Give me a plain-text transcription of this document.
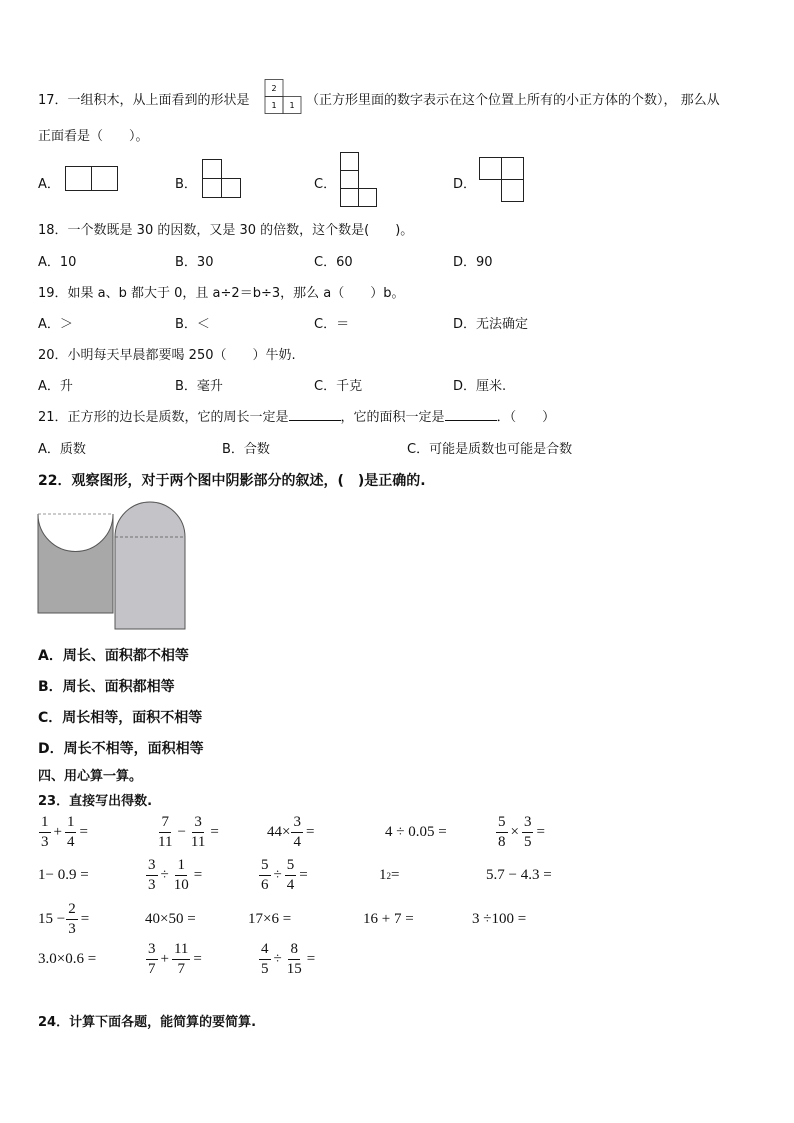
17．一组积木，从上面看到的形状是
2
1 1 （正方形里面的数字表示在这个位置上所有的小正方体的个数）， 那么从
正面看是（　　）。
A．	B．	C．	D．
18．一个数既是 30 的因数，又是 30 的倍数，这个数是(　　)。
A．10	B．30	C．60	D．90
19．如果 a、b 都大于 0，且 a÷2＝b÷3，那么 a（　　）b。
A．＞	B．＜	C．＝	D．无法确定
20．小明每天早晨都要喝 250（　　）牛奶.
A．升	B．毫升	C．千克	D．厘米.
21．正方形的边长是质数，它的周长一定是	，它的面积一定是	．（　　）
A．质数	B．合数	C．可能是质数也可能是合数
22．观察图形，对于两个图中阴影部分的叙述，(　)是正确的.
A．周长、面积都不相等
B．周长、面积都相等
C．周长相等，面积不相等
D．周长不相等，面积相等
四、用心算一算。
23．直接写出得数.
$\frac{1}{3} + \frac{1}{4}$ =	$\frac{7}{11} - \frac{3}{11}$ =	$44\times \frac{3}{4}$ =	4 ÷ 0.05 =	$\frac{5}{8} \times \frac{3}{5}$ =
1− 0.9 =	$\frac{3}{3} \div \frac{1}{10}$ =	$\frac{5}{6} \div \frac{5}{4}$ =	1 2 =	5.7 − 4.3 =
$15 - \frac{2}{3}$ =	40×50 =	17×6 =	16 + 7 =	3 ÷100 =
3.0×0.6 =	$\frac{3}{7} + \frac{11}{7}$ =	$\frac{4}{5} \div \frac{8}{15}$ =
24．计算下面各题，能简算的要简算.
